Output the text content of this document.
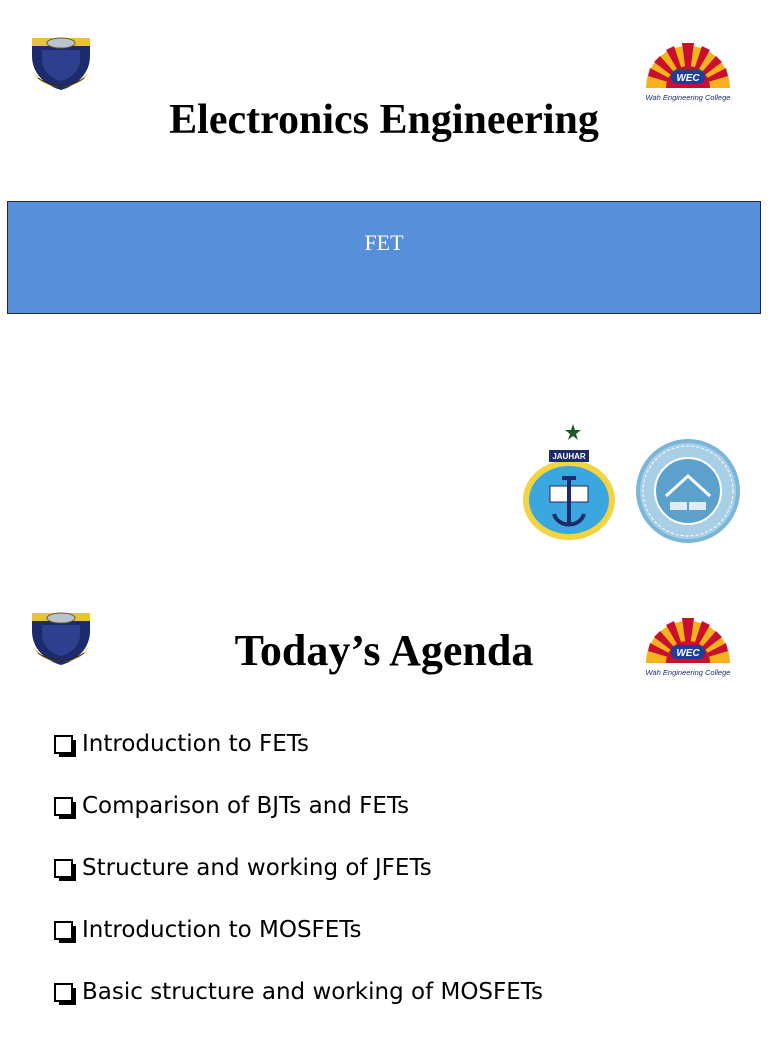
WEC
Wah Engineering College
Electronics Engineering
FET
JAUHAR
WEC
Wah Engineering College
Today’s Agenda
Introduction to FETs
Comparison of BJTs and FETs
Structure and working of JFETs
Introduction to MOSFETs
Basic structure and working of MOSFETs
